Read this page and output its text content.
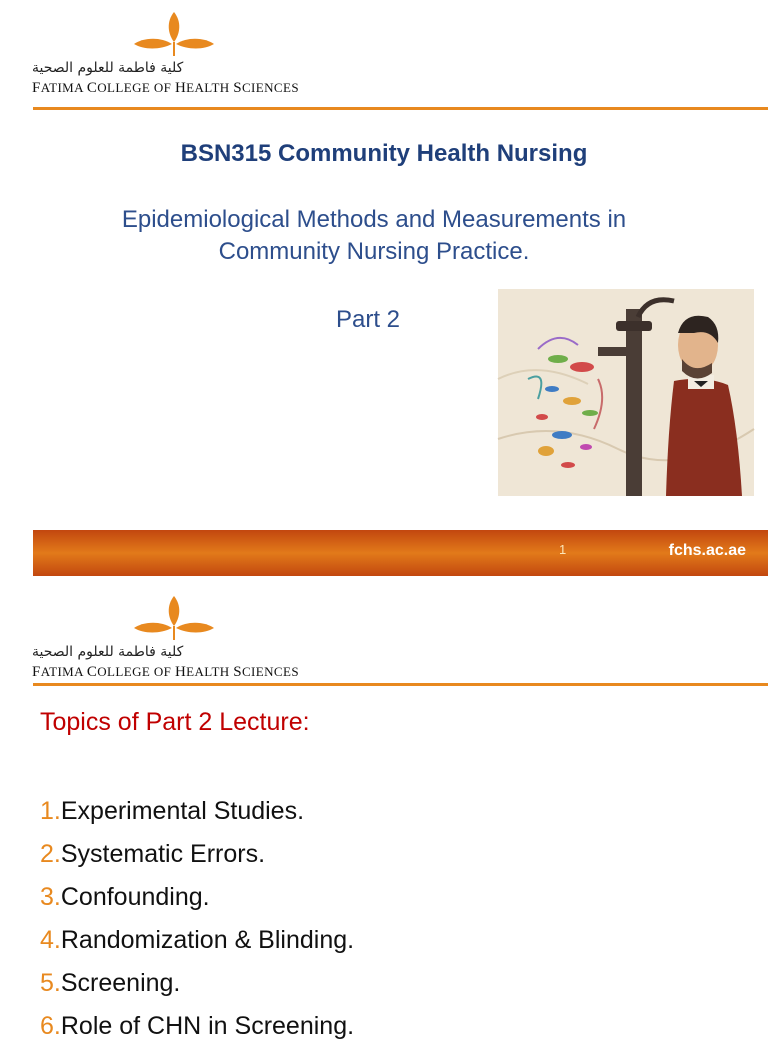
كلية فاطمة للعلوم الصحية
FATIMA COLLEGE OF HEALTH SCIENCES
BSN315 Community Health Nursing
Epidemiological Methods and Measurements in
Community Nursing Practice.
Part 2
1	fchs.ac.ae
كلية فاطمة للعلوم الصحية
FATIMA COLLEGE OF HEALTH SCIENCES
Topics of Part 2 Lecture:
1.Experimental Studies.
2.Systematic Errors.
3.Confounding.
4.Randomization & Blinding.
5.Screening.
6.Role of CHN in Screening.
